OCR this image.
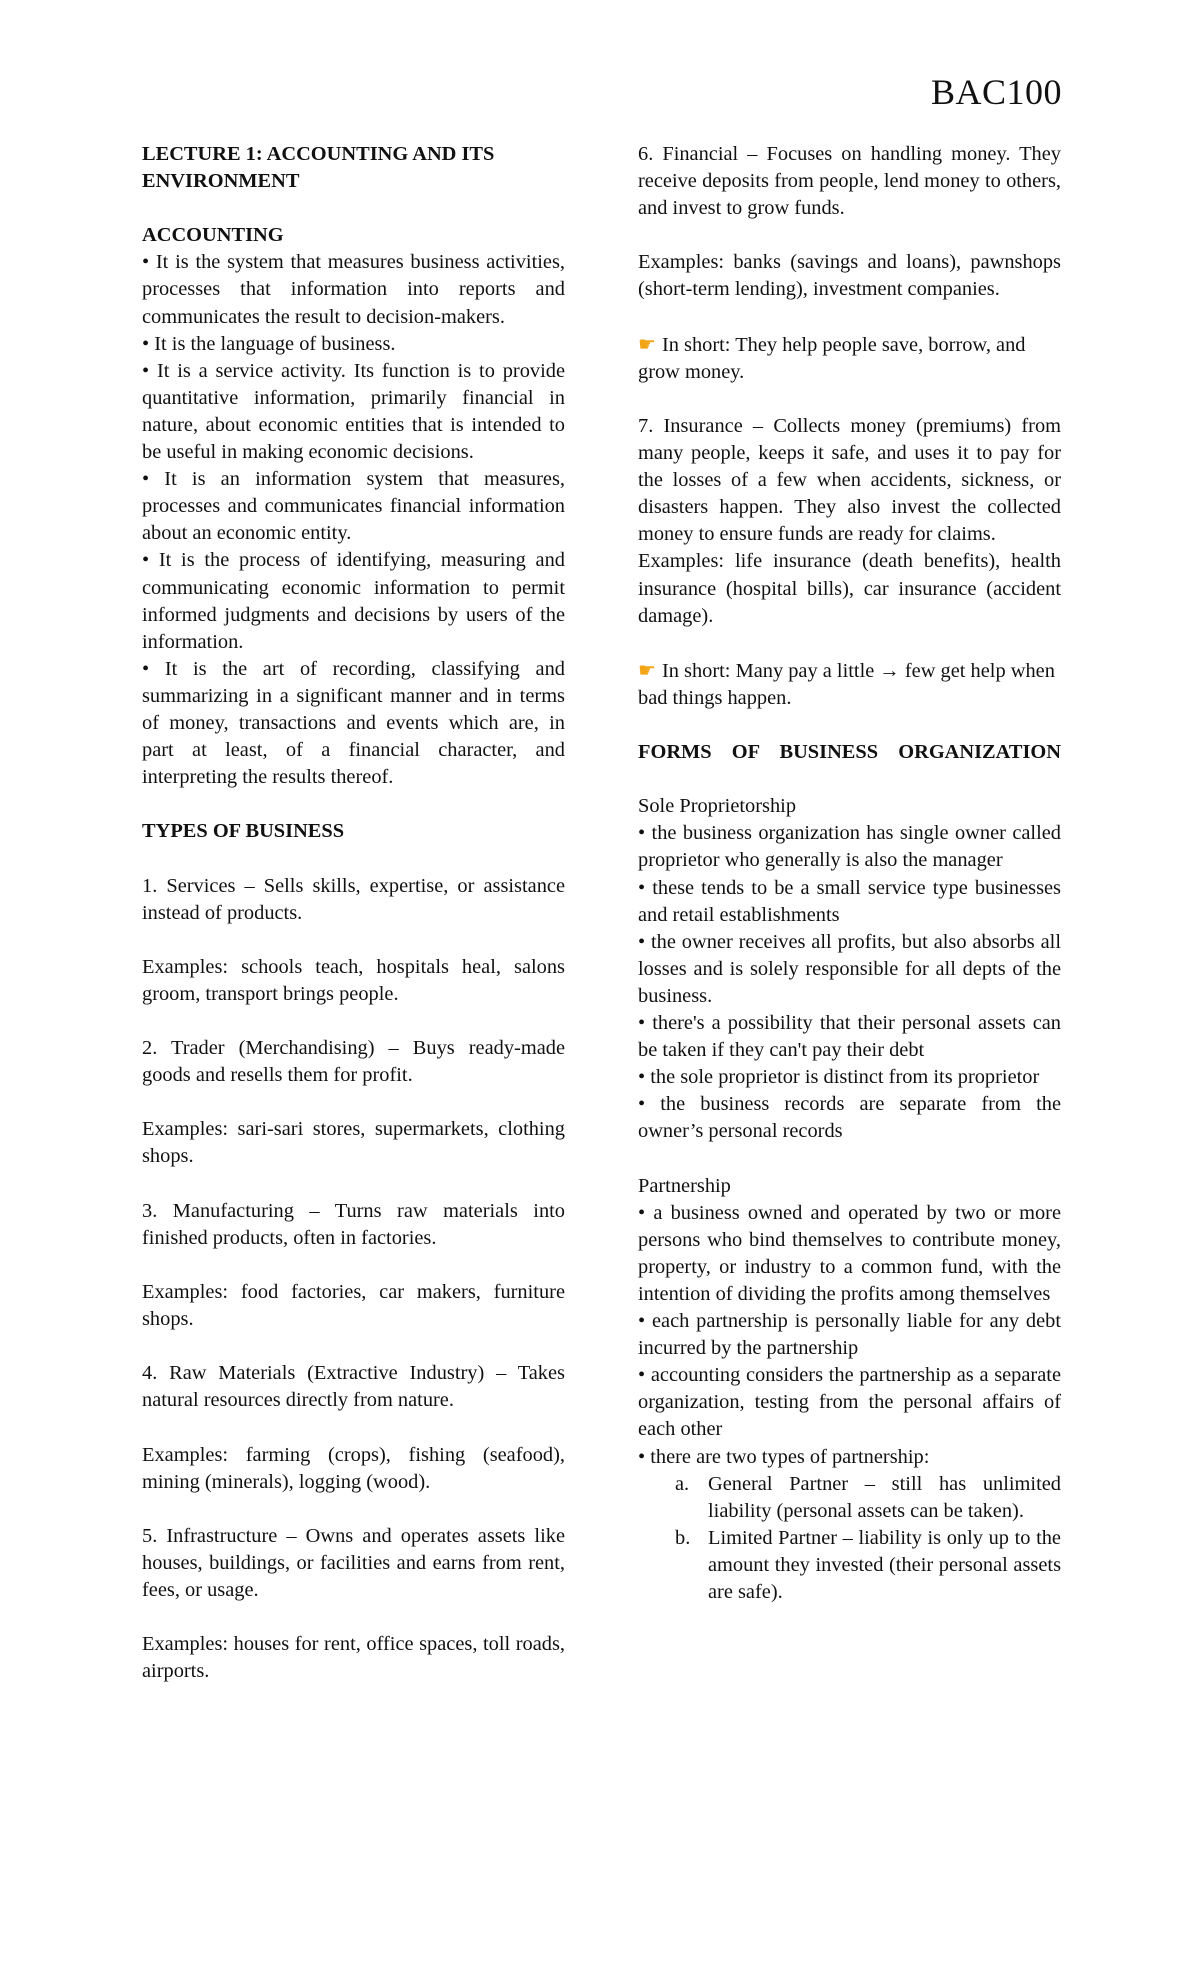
BAC100

LECTURE 1: ACCOUNTING AND ITS ENVIRONMENT

ACCOUNTING

• It is the system that measures business activities, processes that information into reports and communicates the result to decision-makers.

• It is the language of business.

• It is a service activity. Its function is to provide quantitative information, primarily financial in nature, about economic entities that is intended to be useful in making economic decisions.

• It is an information system that measures, processes and communicates financial information about an economic entity.

• It is the process of identifying, measuring and communicating economic information to permit informed judgments and decisions by users of the information.

• It is the art of recording, classifying and summarizing in a significant manner and in terms of money, transactions and events which are, in part at least, of a financial character, and interpreting the results thereof.

TYPES OF BUSINESS

1. Services – Sells skills, expertise, or assistance instead of products.

Examples: schools teach, hospitals heal, salons groom, transport brings people.

2. Trader (Merchandising) – Buys ready-made goods and resells them for profit.

Examples: sari-sari stores, supermarkets, clothing shops.

3. Manufacturing – Turns raw materials into finished products, often in factories.

Examples: food factories, car makers, furniture shops.

4. Raw Materials (Extractive Industry) – Takes natural resources directly from nature.

Examples: farming (crops), fishing (seafood), mining (minerals), logging (wood).

5. Infrastructure – Owns and operates assets like houses, buildings, or facilities and earns from rent, fees, or usage.

Examples: houses for rent, office spaces, toll roads, airports.

6. Financial – Focuses on handling money. They receive deposits from people, lend money to others, and invest to grow funds.

Examples: banks (savings and loans), pawnshops (short-term lending), investment companies.

☛ In short: They help people save, borrow, and grow money.

7. Insurance – Collects money (premiums) from many people, keeps it safe, and uses it to pay for the losses of a few when accidents, sickness, or disasters happen. They also invest the collected money to ensure funds are ready for claims.

Examples: life insurance (death benefits), health insurance (hospital bills), car insurance (accident damage).

☛ In short: Many pay a little → few get help when bad things happen.

FORMS OF BUSINESS ORGANIZATION

Sole Proprietorship

• the business organization has single owner called proprietor who generally is also the manager

• these tends to be a small service type businesses and retail establishments

• the owner receives all profits, but also absorbs all losses and is solely responsible for all depts of the business.

• there's a possibility that their personal assets can be taken if they can't pay their debt

• the sole proprietor is distinct from its proprietor

• the business records are separate from the owner’s personal records

Partnership

• a business owned and operated by two or more persons who bind themselves to contribute money, property, or industry to a common fund, with the intention of dividing the profits among themselves

• each partnership is personally liable for any debt incurred by the partnership

• accounting considers the partnership as a separate organization, testing from the personal affairs of each other

• there are two types of partnership:

a. General Partner – still has unlimited liability (personal assets can be taken).
b. Limited Partner – liability is only up to the amount they invested (their personal assets are safe).
